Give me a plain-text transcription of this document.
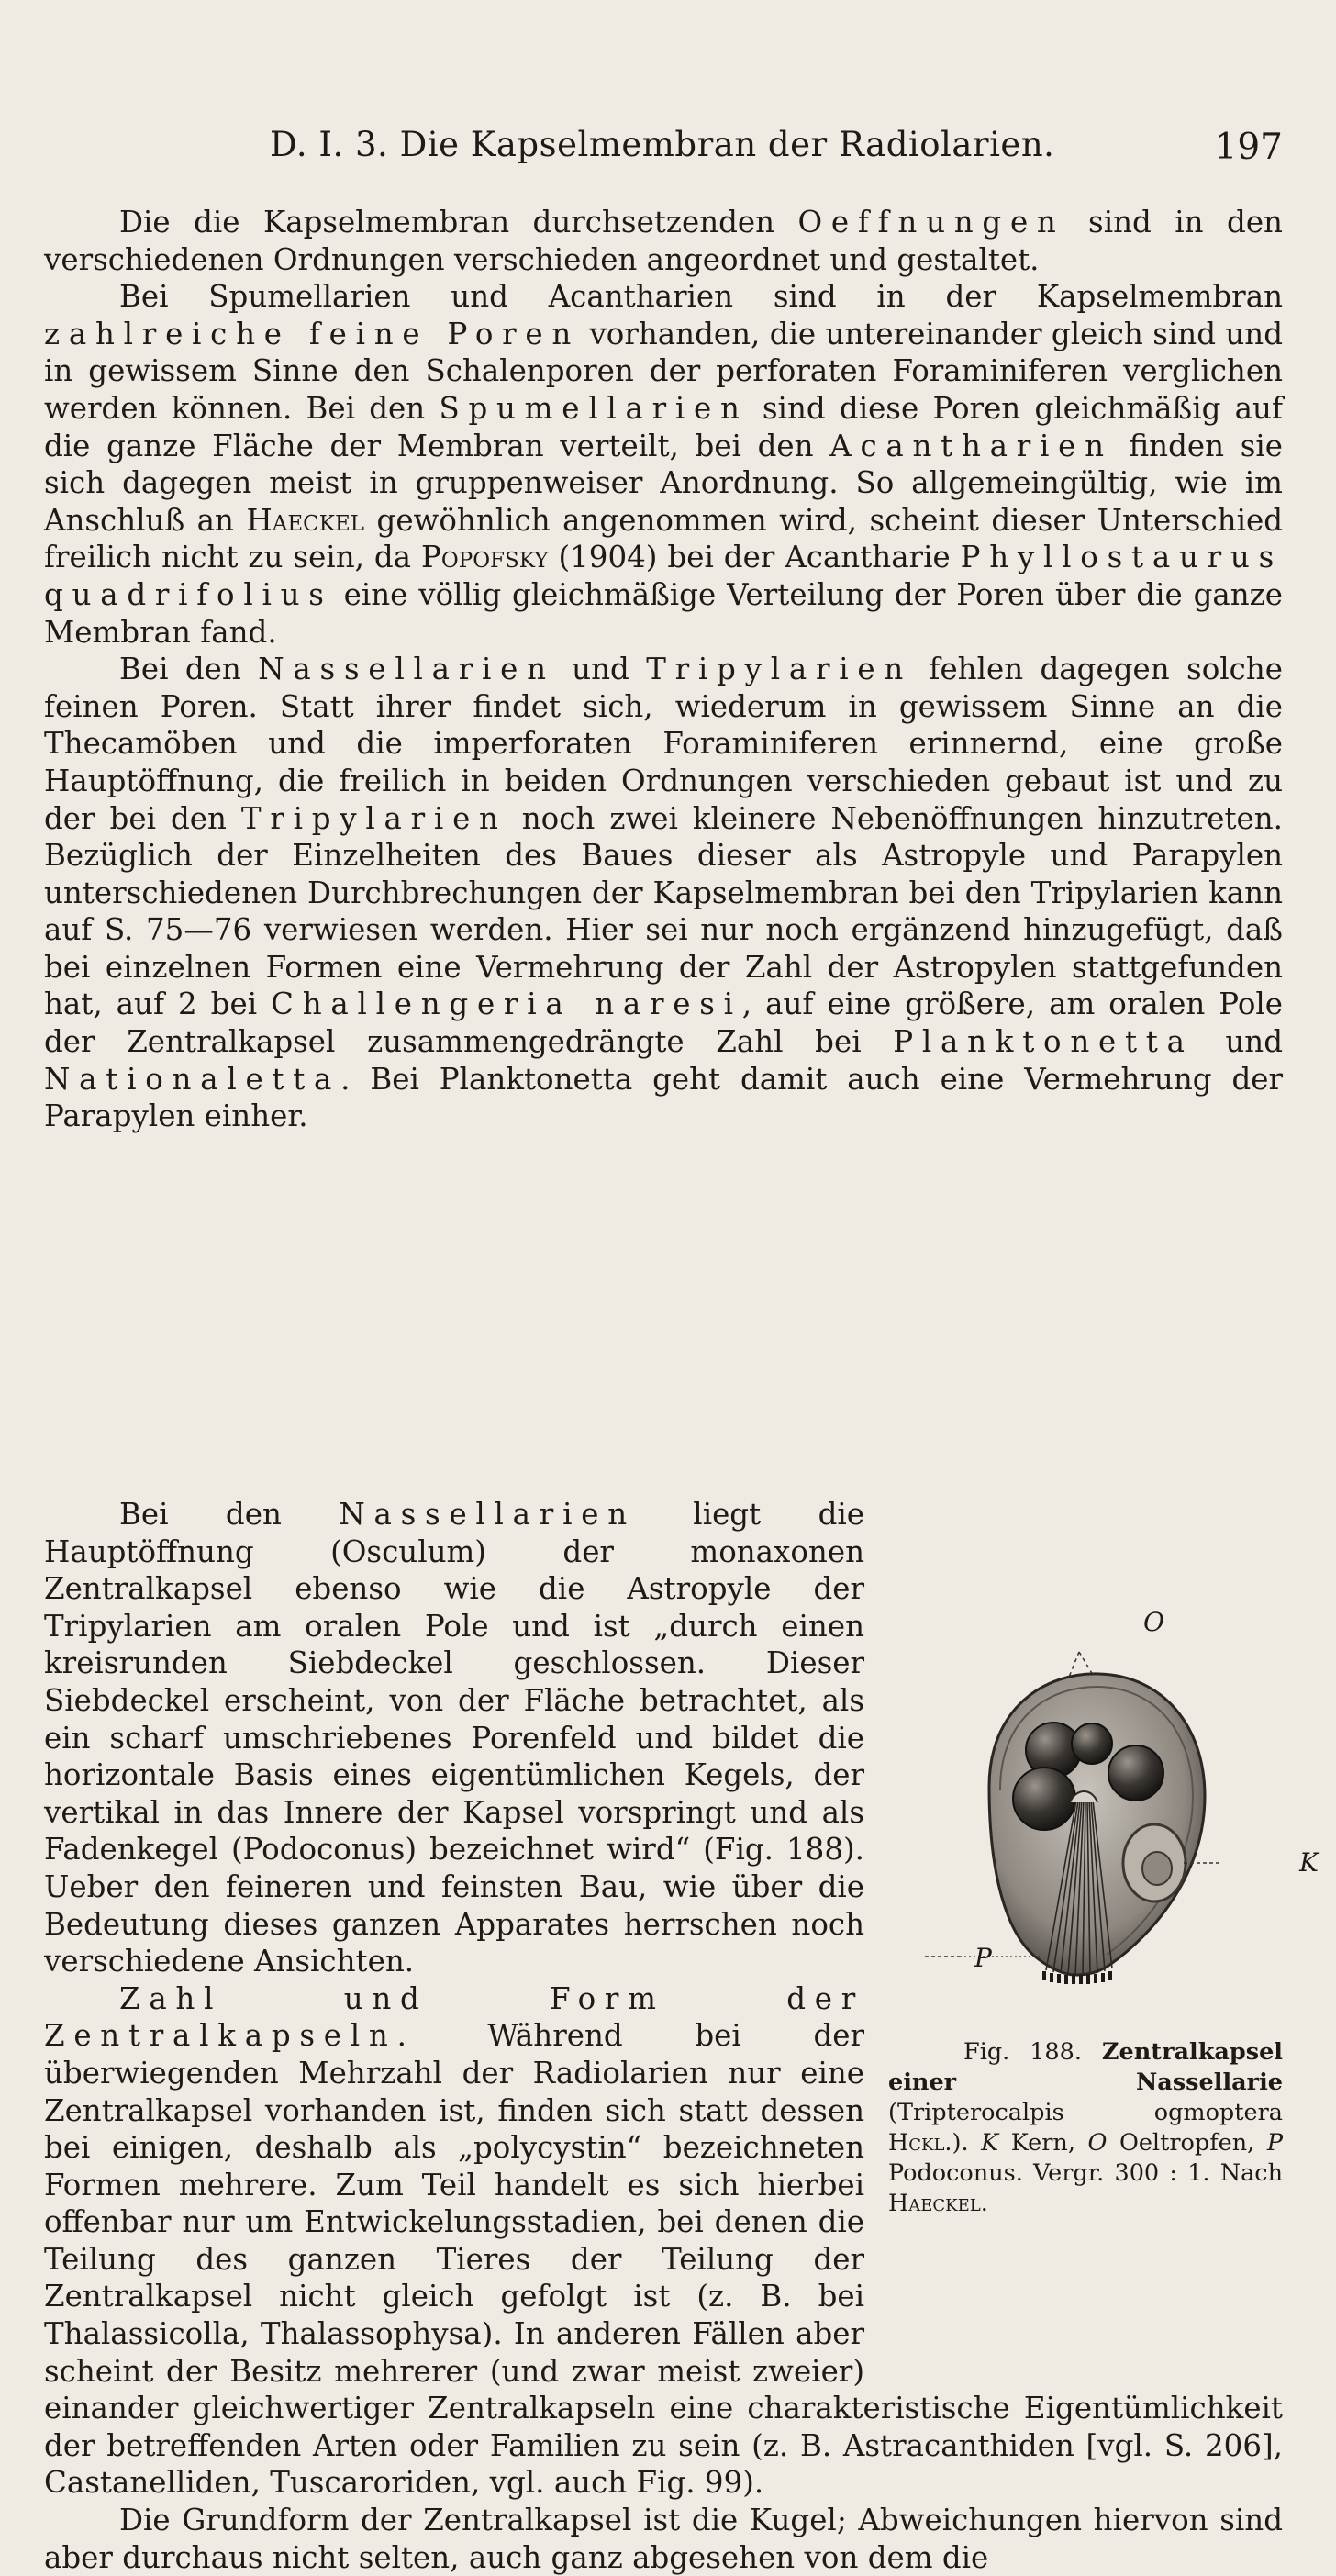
D. I. 3. Die Kapselmembran der Radiolarien.	197

Die die Kapselmembran durchsetzenden Oeffnungen sind in den verschiedenen Ordnungen verschieden angeordnet und gestaltet.

Bei Spumellarien und Acantharien sind in der Kapselmembran zahlreiche feine Poren vorhanden, die untereinander gleich sind und in gewissem Sinne den Schalenporen der perforaten Foraminiferen verglichen werden können. Bei den Spumellarien sind diese Poren gleichmäßig auf die ganze Fläche der Membran verteilt, bei den Acantharien finden sie sich dagegen meist in gruppenweiser Anordnung. So allgemeingültig, wie im Anschluß an Haeckel gewöhnlich angenommen wird, scheint dieser Unterschied freilich nicht zu sein, da Popofsky (1904) bei der Acantharie Phyllostaurus quadrifolius eine völlig gleichmäßige Verteilung der Poren über die ganze Membran fand.

Bei den Nassellarien und Tripylarien fehlen dagegen solche feinen Poren. Statt ihrer findet sich, wiederum in gewissem Sinne an die Thecamöben und die imperforaten Foraminiferen erinnernd, eine große Hauptöffnung, die freilich in beiden Ordnungen verschieden gebaut ist und zu der bei den Tripylarien noch zwei kleinere Nebenöffnungen hinzutreten. Bezüglich der Einzelheiten des Baues dieser als Astropyle und Parapylen unterschiedenen Durchbrechungen der Kapselmembran bei den Tripylarien kann auf S. 75—76 verwiesen werden. Hier sei nur noch ergänzend hinzugefügt, daß bei einzelnen Formen eine Vermehrung der Zahl der Astropylen stattgefunden hat, auf 2 bei Challengeria naresi, auf eine größere, am oralen Pole der Zentralkapsel zusammengedrängte Zahl bei Planktonetta und Nationaletta. Bei Planktonetta geht damit auch eine Vermehrung der Parapylen einher.

O
K
P

Fig. 188. Zentralkapsel einer Nassellarie (Tripterocalpis ogmoptera Hckl.). K Kern, O Oeltropfen, P Podoconus. Vergr. 300 : 1. Nach Haeckel.

Bei den Nassellarien liegt die Hauptöffnung (Osculum) der monaxonen Zentralkapsel ebenso wie die Astropyle der Tripylarien am oralen Pole und ist „durch einen kreisrunden Siebdeckel geschlossen. Dieser Siebdeckel erscheint, von der Fläche betrachtet, als ein scharf umschriebenes Porenfeld und bildet die horizontale Basis eines eigentümlichen Kegels, der vertikal in das Innere der Kapsel vorspringt und als Fadenkegel (Podoconus) bezeichnet wird“ (Fig. 188). Ueber den feineren und feinsten Bau, wie über die Bedeutung dieses ganzen Apparates herrschen noch verschiedene Ansichten.

Zahl und Form der Zentralkapseln. Während bei der überwiegenden Mehrzahl der Radiolarien nur eine Zentralkapsel vorhanden ist, finden sich statt dessen bei einigen, deshalb als „polycystin“ bezeichneten Formen mehrere. Zum Teil handelt es sich hierbei offenbar nur um Entwickelungsstadien, bei denen die Teilung des ganzen Tieres der Teilung der Zentralkapsel nicht gleich gefolgt ist (z. B. bei Thalassicolla, Thalassophysa). In anderen Fällen aber scheint der Besitz mehrerer (und zwar meist zweier) einander gleichwertiger Zentralkapseln eine charakteristische Eigentümlichkeit der betreffenden Arten oder Familien zu sein (z. B. Astracanthiden [vgl. S. 206], Castanelliden, Tuscaroriden, vgl. auch Fig. 99).

Die Grundform der Zentralkapsel ist die Kugel; Abweichungen hiervon sind aber durchaus nicht selten, auch ganz abgesehen von dem die
